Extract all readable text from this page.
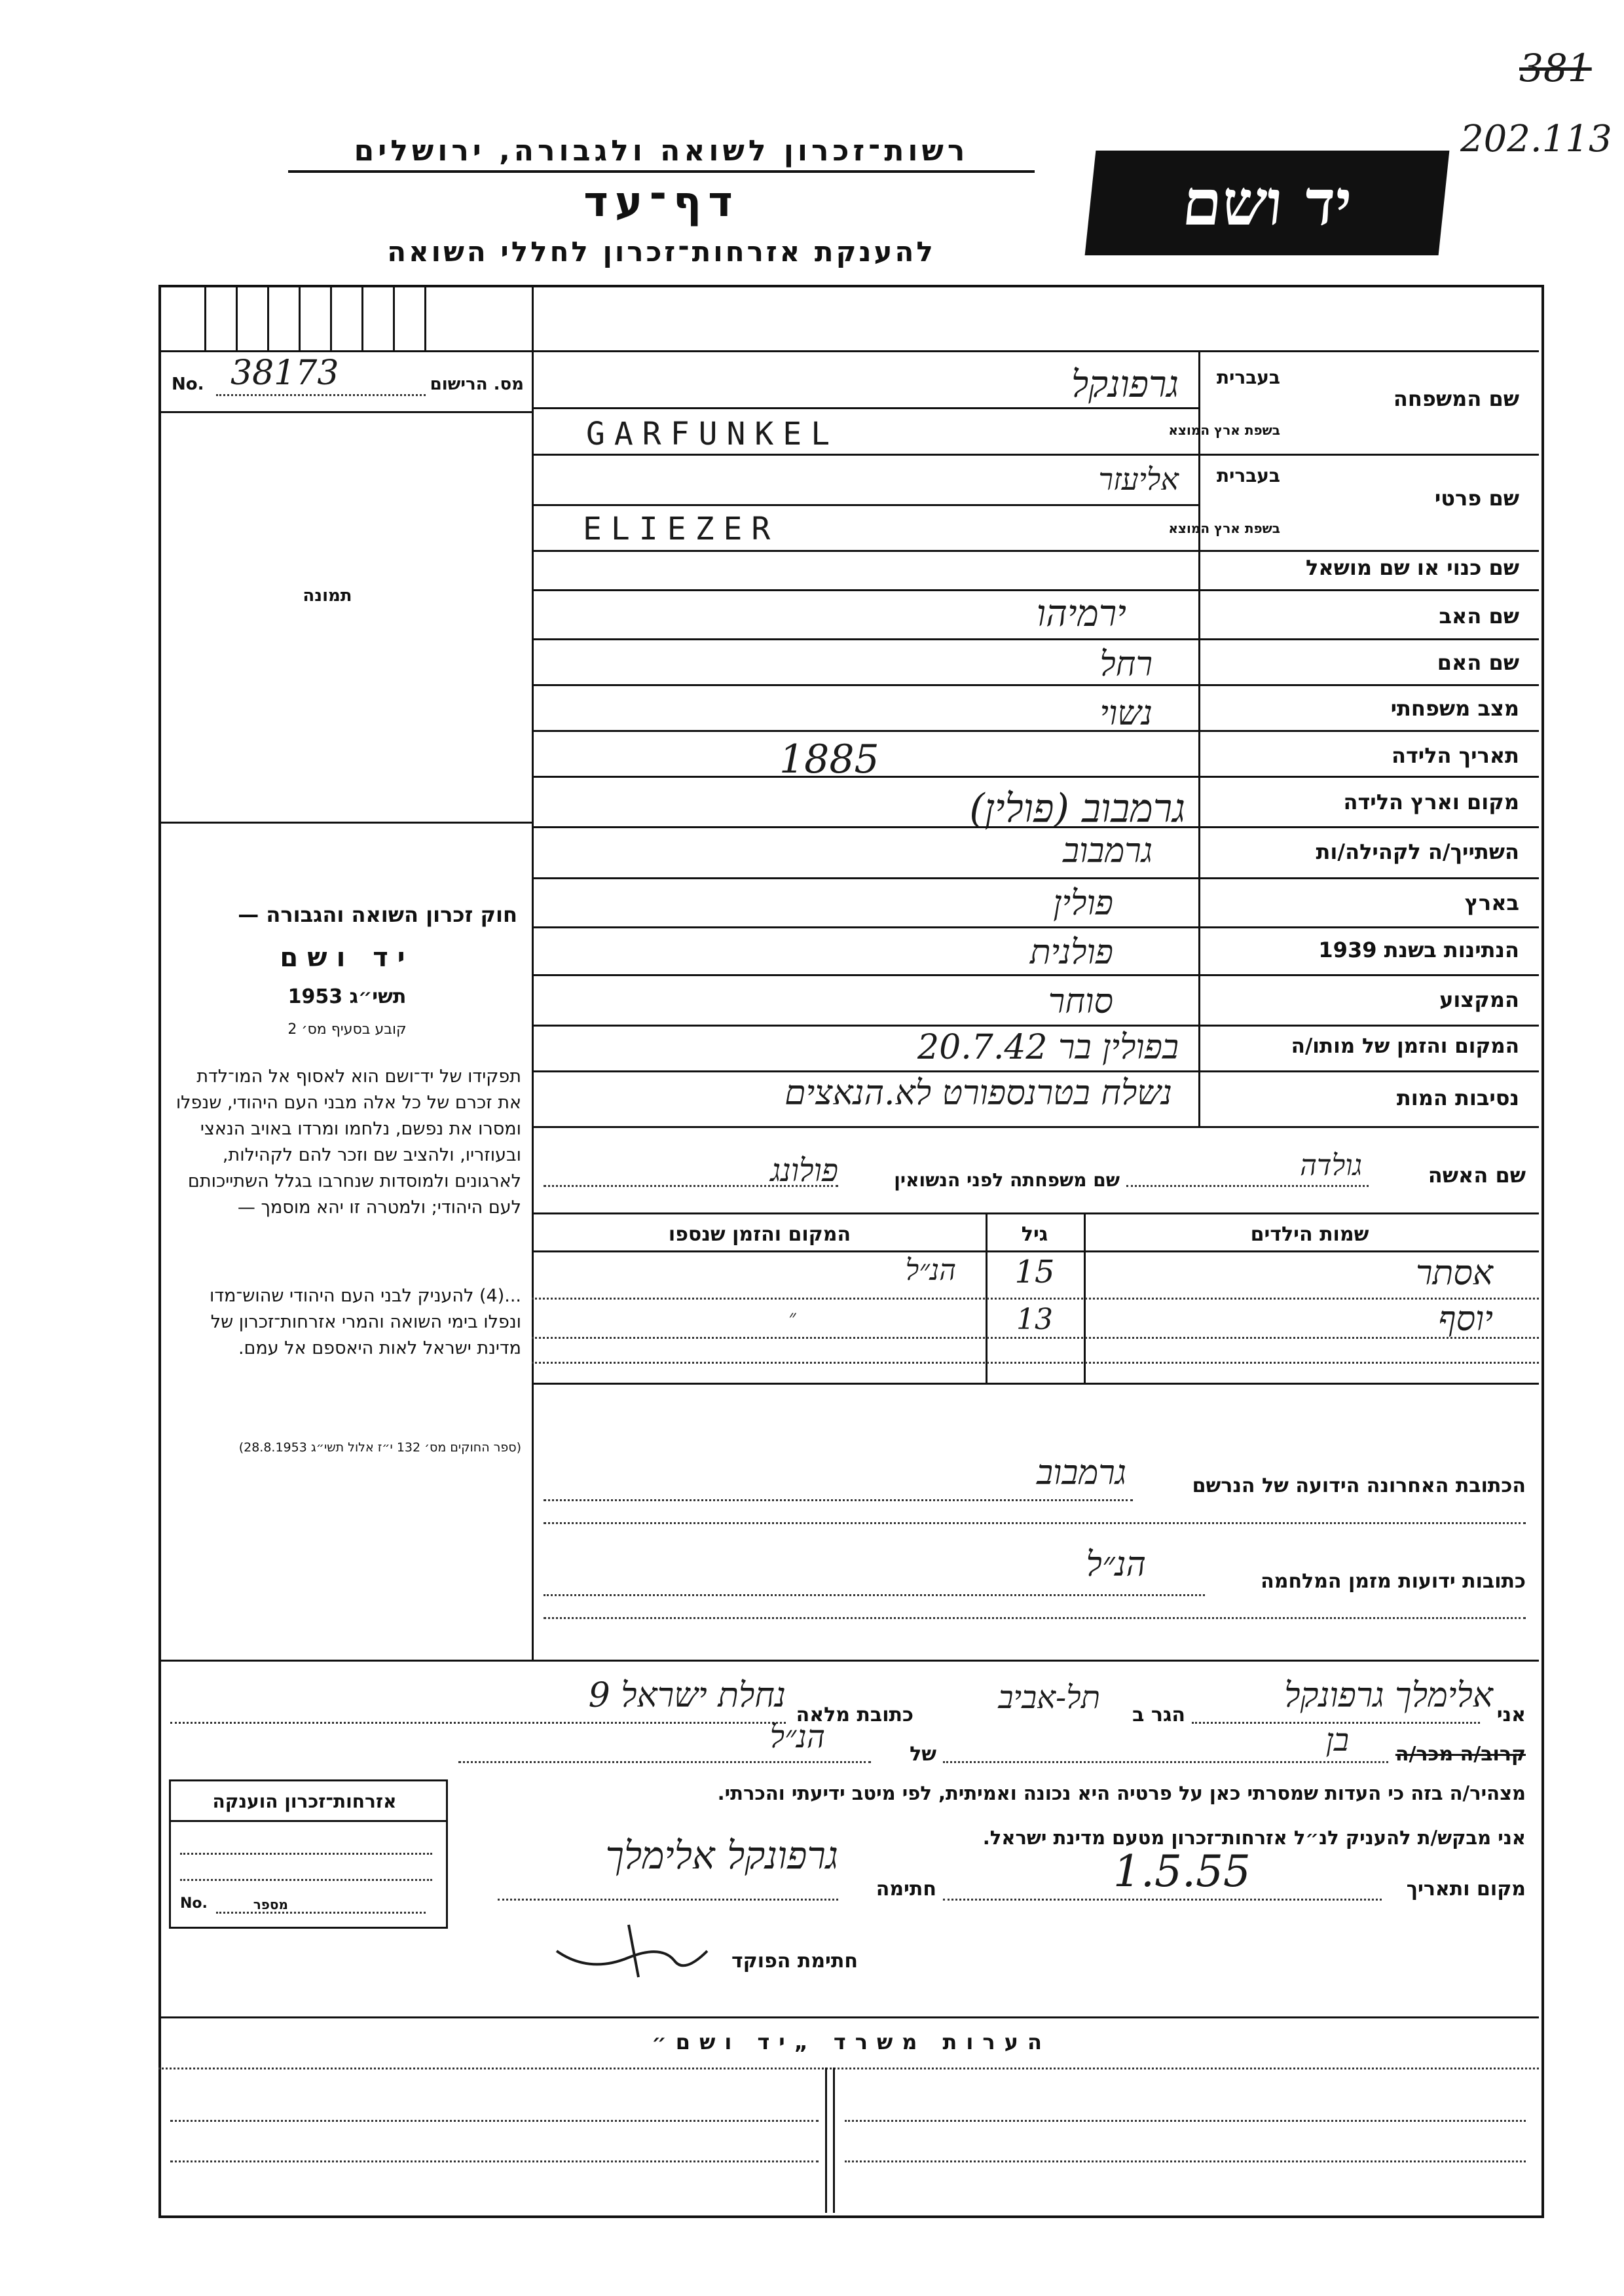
381
202.113
רשות־זכרון לשואה ולגבורה, ירושלים
דף־עד
להענקת אזרחות־זכרון לחללי השואה
יד ושם
No. 38173	מס. הרישום
תמונה
חוק זכרון השואה והגבורה —
יד ושם
תשי״ג 1953
קובע בסעיף מס׳ 2
תפקידו של יד־ושם הוא לאסוף אל המו־לדת את זכרם של כל אלה מבני העם היהודי, שנפלו ומסרו את נפשם, נלחמו ומרדו באויב הנאצי ובעוזריו, ולהציב שם וזכר להם לקהילות, לארגונים ולמוסדות שנחרבו בגלל השתייכותם לעם היהודי; ולמטרה זו יהא מוסמך —
...(4) להעניק לבני העם היהודי שהוש־מדו ונפלו בימי השואה והמרי אזרחות־זכרון של מדינת ישראל לאות היאספם אל עמם.
(ספר החוקים מס׳ 132 י״ז אלול תשי״ג 28.8.1953)
שם המשפחה
בעברית
בשפת ארץ המוצא
גרפונקל
GARFUNKEL
שם פרטי
בעברית
בשפת ארץ המוצא
אליעזר
ELIEZER
שם כנוי או שם מושאל
שם האב
ירמיהו
שם האם
רחל
מצב משפחתי
נשוי
תאריך הלידה
1885
מקום וארץ הלידה
גרמבוב (פולין)
השתייך/ה לקהילה/ות
גרמבוב
בארץ
פולין
הנתינות בשנת 1939
פולנית
המקצוע
סוחר
המקום והזמן של מותו/ה
בפולין בר 20.7.42
נסיבות המות
נשלח בטרנספורט לא.הנאצים
שם האשה
גולדה
שם משפחתה לפני הנשואין
פולונג
שמות הילדים
גיל
המקום והזמן שנספו
אסתר
15
הנ״ל
יוסף
13
״
הכתובת האחרונה הידועה של הנרשם
גרמבוב
כתובות ידועות מזמן המלחמה
הנ״ל
אני
אלימלך גרפונקל
הגר ב
תל-אביב
כתובת מלאה
נחלת ישראל 9
קרוב/ה מכר/ה
בן
של
הנ״ל
מצהיר/ה בזה כי העדות שמסרתי כאן על פרטיה היא נכונה ואמיתית, לפי מיטב ידיעתי והכרתי.
אני מבקש/ת להעניק לנ״ל אזרחות־זכרון מטעם מדינת ישראל.
מקום ותאריך
1.5.55
חתימה
גרפונקל אלימלך
חתימת הפוקד
אזרחות־זכרון הוענקה
No.	מספר
הערות משרד „יד ושם״
